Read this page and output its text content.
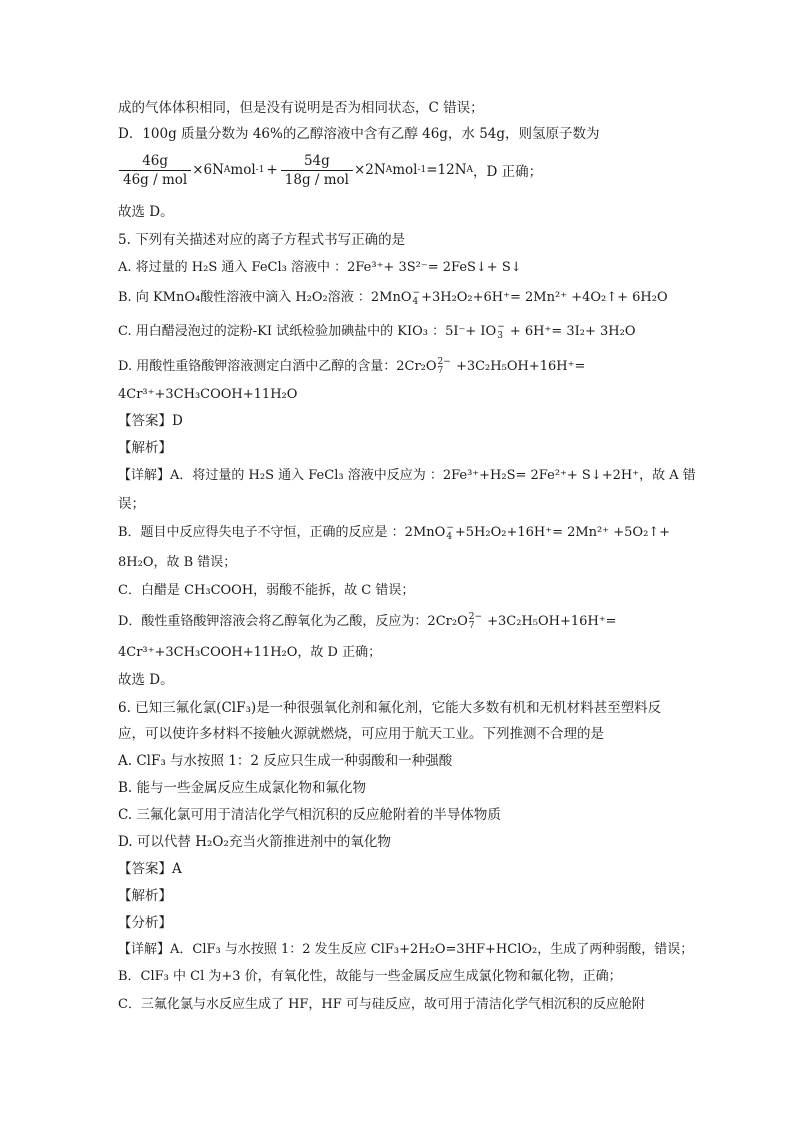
成的气体体积相同，但是没有说明是否为相同状态，C 错误；
D．100g 质量分数为 46%的乙醇溶液中含有乙醇 46g，水 54g，则氢原子数为
$\frac{46g}{\text{46g / mol}} \times 6N$ A mol $-1 + \frac{54g}{\text{18g / mol}} \times 2N$ A mol -1 =12N A ，D 正确；
故选 D。
5. 下列有关描述对应的离子方程式书写正确的是
A. 将过量的 H₂S 通入 FeCl₃ 溶液中 ：2Fe³⁺+ 3S²⁻= 2FeS↓+ S↓
B. 向 KMnO₄酸性溶液中滴入 H₂O₂溶液 ：2MnO −
4 +3H₂O₂+6H⁺= 2Mn²⁺ +4O₂↑+ 6H₂O
C. 用白醋浸泡过的淀粉-KI 试纸检验加碘盐中的 KIO₃ ：5I⁻+ IO −
3 + 6H⁺= 3I₂+ 3H₂O
D. 用酸性重铬酸钾溶液测定白酒中乙醇的含量：2Cr₂O 2−
7 +3C₂H₅OH+16H⁺=
4Cr³⁺+3CH₃COOH+11H₂O
【答案】D
【解析】
【详解】A．将过量的 H₂S 通入 FeCl₃ 溶液中反应为 ：2Fe³⁺+H₂S= 2Fe²⁺+ S↓+2H⁺，故 A 错
误；
B．题目中反应得失电子不守恒，正确的反应是 ：2MnO −
4 +5H₂O₂+16H⁺= 2Mn²⁺ +5O₂↑+
8H₂O，故 B 错误；
C．白醋是 CH₃COOH，弱酸不能拆，故 C 错误；
D．酸性重铬酸钾溶液会将乙醇氧化为乙酸，反应为：2Cr₂O 2−
7 +3C₂H₅OH+16H⁺=
4Cr³⁺+3CH₃COOH+11H₂O，故 D 正确；
故选 D。
6. 已知三氟化氯(ClF₃)是一种很强氧化剂和氟化剂，它能大多数有机和无机材料甚至塑料反
应，可以使许多材料不接触火源就燃烧，可应用于航天工业。下列推测不合理的是
A. ClF₃ 与水按照 1：2 反应只生成一种弱酸和一种强酸
B. 能与一些金属反应生成氯化物和氟化物
C. 三氟化氯可用于清洁化学气相沉积的反应舱附着的半导体物质
D. 可以代替 H₂O₂充当火箭推进剂中的氧化物
【答案】A
【解析】
【分析】
【详解】A．ClF₃ 与水按照 1：2 发生反应 ClF₃+2H₂O=3HF+HClO₂，生成了两种弱酸，错误；
B．ClF₃ 中 Cl 为+3 价，有氧化性，故能与一些金属反应生成氯化物和氟化物，正确；
C．三氟化氯与水反应生成了 HF，HF 可与硅反应，故可用于清洁化学气相沉积的反应舱附
